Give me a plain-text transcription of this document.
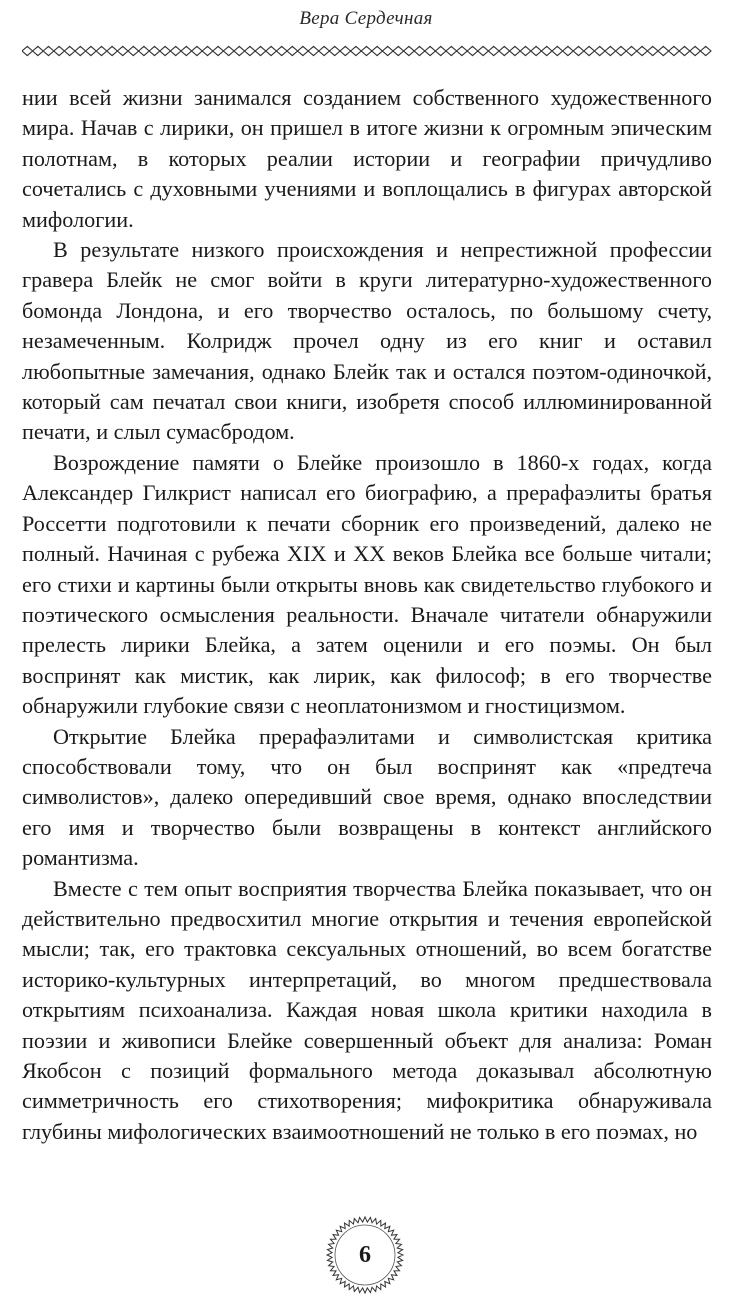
Вера Сердечная

нии всей жизни занимался созданием собственного художественного мира. Начав с лирики, он пришел в итоге жизни к огромным эпическим полотнам, в которых реалии истории и географии причудливо сочетались с духовными учениями и воплощались в фигурах авторской мифологии.

В результате низкого происхождения и непрестижной профессии гравера Блейк не смог войти в круги литературно-художественного бомонда Лондона, и его творчество осталось, по большому счету, незамеченным. Колридж прочел одну из его книг и оставил любопытные замечания, однако Блейк так и остался поэтом-одиночкой, который сам печатал свои книги, изобретя способ иллюминированной печати, и слыл сумасбродом.

Возрождение памяти о Блейке произошло в 1860-х годах, когда Александер Гилкрист написал его биографию, а прерафаэлиты братья Россетти подготовили к печати сборник его произведений, далеко не полный. Начиная с рубежа XIX и XX веков Блейка все больше читали; его стихи и картины были открыты вновь как свидетельство глубокого и поэтического осмысления реальности. Вначале читатели обнаружили прелесть лирики Блейка, а затем оценили и его поэмы. Он был воспринят как мистик, как лирик, как философ; в его творчестве обнаружили глубокие связи с неоплатонизмом и гностицизмом.

Открытие Блейка прерафаэлитами и символистская критика способствовали тому, что он был воспринят как «предтеча символистов», далеко опередивший свое время, однако впоследствии его имя и творчество были возвращены в контекст английского романтизма.

Вместе с тем опыт восприятия творчества Блейка показывает, что он действительно предвосхитил многие открытия и течения европейской мысли; так, его трактовка сексуальных отношений, во всем богатстве историко-культурных интерпретаций, во многом предшествовала открытиям психоанализа. Каждая новая школа критики находила в поэзии и живописи Блейке совершенный объект для анализа: Роман Якобсон с позиций формального метода доказывал абсолютную симметричность его стихотворения; мифокритика обнаруживала глубины мифологических взаимоотношений не только в его поэмах, но

6
